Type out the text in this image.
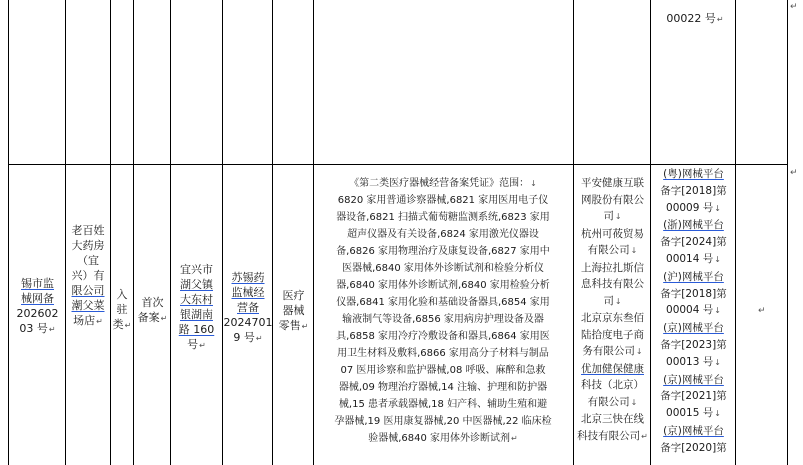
00022 号↵
↵
锡市监
械网备
202602
03 号↵
老百姓
大药房
（宜
兴）有
限公司
潮父菜
场店↵
入
驻
类↵
首次
备案↵
宜兴市
湖父镇
大东村
银湖南
路 160
号↵
苏锡药
监械经
营备
2024701
9 号↵
医疗
器械
零售↵
《第二类医疗器械经营备案凭证》范围：↓
6820 家用普通诊察器械,6821 家用医用电子仪
器设备,6821 扫描式葡萄糖监测系统,6823 家用
超声仪器及有关设备,6824 家用激光仪器设
备,6826 家用物理治疗及康复设备,6827 家用中
医器械,6840 家用体外诊断试剂和检验分析仪
器,6840 家用体外诊断试剂,6840 家用检验分析
仪器,6841 家用化验和基础设备器具,6854 家用
输液制气等设备,6856 家用病房护理设备及器
具,6858 家用冷疗冷敷设备和器具,6864 家用医
用卫生材料及敷料,6866 家用高分子材料与制品
07 医用诊察和监护器械,08 呼吸、麻醉和急救
器械,09 物理治疗器械,14 注输、护理和防护器
械,15 患者承载器械,18 妇产科、辅助生殖和避
孕器械,19 医用康复器械,20 中医器械,22 临床检
验器械,6840 家用体外诊断试剂↵
平安健康互联
网股份有限公
司↓
杭州可莜贸易
有限公司↓
上海拉扎斯信
息科技有限公
司↓
北京京东叁佰
陆拾度电子商
务有限公司↓
优加健保健康
科技（北京）
有限公司↓
北京三快在线
科技有限公司↵
(粤)网械平台
备字[2018]第
00009 号↓
(浙)网械平台
备字[2024]第
00014 号↓
(沪)网械平台
备字[2018]第
00004 号↓
(京)网械平台
备字[2023]第
00013 号↓
(京)网械平台
备字[2021]第
00015 号↓
(京)网械平台
备字[2020]第
↵
↵
